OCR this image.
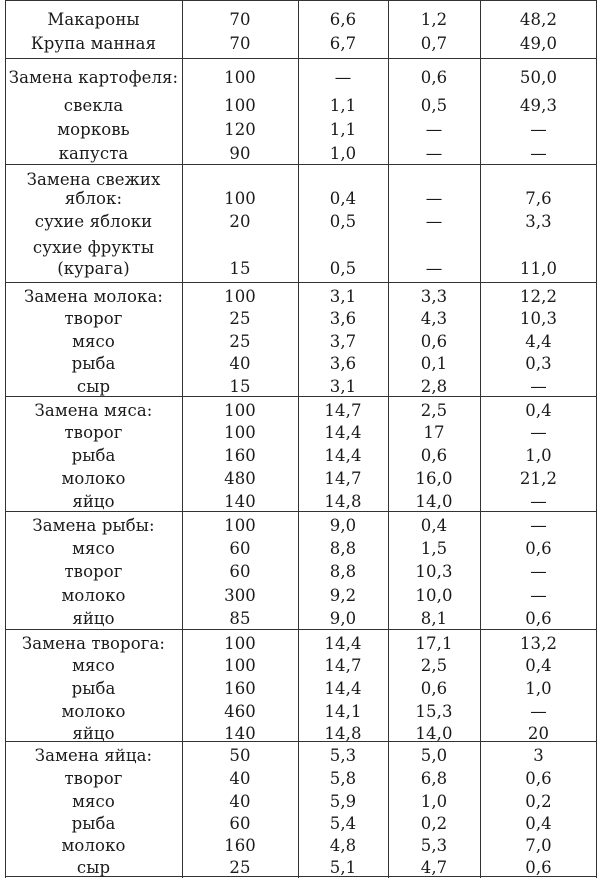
Макароны	70	6,6	1,2	48,2
Крупа манная	70	6,7	0,7	49,0
Замена картофеля:	100	—	0,6	50,0
свекла	100	1,1	0,5	49,3
морковь	120	1,1	—	—
капуста	90	1,0	—	—
Замена свежих
яблок:	100	0,4	—	7,6
сухие яблоки	20	0,5	—	3,3
сухие фрукты
(курага)	15	0,5	—	11,0
Замена молока:	100	3,1	3,3	12,2
творог	25	3,6	4,3	10,3
мясо	25	3,7	0,6	4,4
рыба	40	3,6	0,1	0,3
сыр	15	3,1	2,8	—
Замена мяса:	100	14,7	2,5	0,4
творог	100	14,4	17	—
рыба	160	14,4	0,6	1,0
молоко	480	14,7	16,0	21,2
яйцо	140	14,8	14,0	—
Замена рыбы:	100	9,0	0,4	—
мясо	60	8,8	1,5	0,6
творог	60	8,8	10,3	—
молоко	300	9,2	10,0	—
яйцо	85	9,0	8,1	0,6
Замена творога:	100	14,4	17,1	13,2
мясо	100	14,7	2,5	0,4
рыба	160	14,4	0,6	1,0
молоко	460	14,1	15,3	—
яйцо	140	14,8	14,0	20
Замена яйца:	50	5,3	5,0	3
творог	40	5,8	6,8	0,6
мясо	40	5,9	1,0	0,2
рыба	60	5,4	0,2	0,4
молоко	160	4,8	5,3	7,0
сыр	25	5,1	4,7	0,6
